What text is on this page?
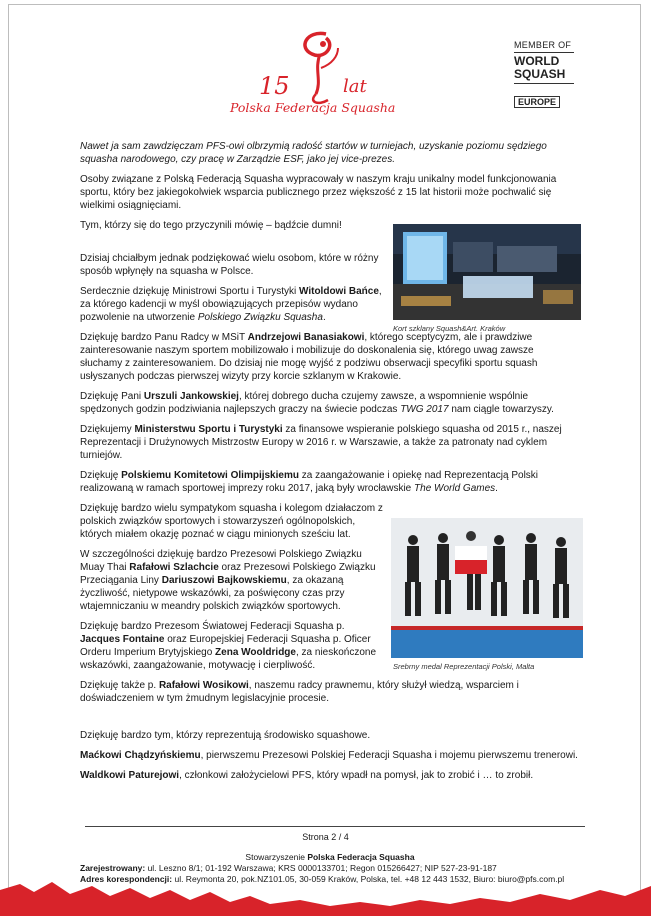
15	lat
Polska Federacja Squasha
MEMBER OF
WORLD
SQUASH
EUROPE
Kort szklany Squash&Art. Kraków
Srebrny medal Reprezentacji Polski, Malta

Nawet ja sam zawdzięczam PFS-owi olbrzymią radość startów w turniejach, uzyskanie poziomu sędziego squasha narodowego, czy pracę w Zarządzie ESF, jako jej vice-prezes.

Osoby związane z Polską Federacją Squasha wypracowały w naszym kraju unikalny model funkcjonowania sportu, który bez jakiegokolwiek wsparcia publicznego przez większość z 15 lat historii może pochwalić się wielkimi osiągnięciami.

Tym, którzy się do tego przyczynili mówię – bądźcie dumni!

Dzisiaj chciałbym jednak podziękować wielu osobom, które w różny sposób wpłynęły na squasha w Polsce.

Serdecznie dziękuję Ministrowi Sportu i Turystyki Witoldowi Bańce, za którego kadencji w myśl obowiązujących przepisów wydano pozwolenie na utworzenie Polskiego Związku Squasha.

Dziękuję bardzo Panu Radcy w MSiT Andrzejowi Banasiakowi, którego sceptycyzm, ale i prawdziwe zainteresowanie naszym sportem mobilizowało i mobilizuje do doskonalenia się, którego uwag zawsze słuchamy z zainteresowaniem. Do dzisiaj nie mogę wyjść z podziwu obserwacji specyfiki sportu squash usłyszanych podczas pierwszej wizyty przy korcie szklanym w Krakowie.

Dziękuję Pani Urszuli Jankowskiej, której dobrego ducha czujemy zawsze, a wspomnienie wspólnie spędzonych godzin podziwiania najlepszych graczy na świecie podczas TWG 2017 nam ciągle towarzyszy.

Dziękujemy Ministerstwu Sportu i Turystyki za finansowe wspieranie polskiego squasha od 2015 r., naszej Reprezentacji i Drużynowych Mistrzostw Europy w 2016 r. w Warszawie, a także za patronaty nad cyklem turniejów.

Dziękuję Polskiemu Komitetowi Olimpijskiemu za zaangażowanie i opiekę nad Reprezentacją Polski realizowaną w ramach sportowej imprezy roku 2017, jaką były wrocławskie The World Games.

Dziękuję bardzo wielu sympatykom squasha i kolegom działaczom z polskich związków sportowych i stowarzyszeń ogólnopolskich, których miałem okazję poznać w ciągu minionych sześciu lat.

W szczególności dziękuję bardzo Prezesowi Polskiego Związku Muay Thai Rafałowi Szlachcie oraz Prezesowi Polskiego Związku Przeciągania Liny Dariuszowi Bajkowskiemu, za okazaną życzliwość, nietypowe wskazówki, za poświęcony czas przy wtajemniczaniu w meandry polskich związków sportowych.

Dziękuję bardzo Prezesom Światowej Federacji Squasha p. Jacques Fontaine oraz Europejskiej Federacji Squasha p. Oficer Orderu Imperium Brytyjskiego Zena Wooldridge, za nieskończone wskazówki, zaangażowanie, motywację i cierpliwość.

Dziękuję także p. Rafałowi Wosikowi, naszemu radcy prawnemu, który służył wiedzą, wsparciem i doświadczeniem w tym żmudnym legislacyjnie procesie.

Dziękuję bardzo tym, którzy reprezentują środowisko squashowe.

Maćkowi Chądzyńskiemu, pierwszemu Prezesowi Polskiej Federacji Squasha i mojemu pierwszemu trenerowi.

Waldkowi Paturejowi, członkowi założycielowi PFS, który wpadł na pomysł, jak to zrobić i … to zrobił.

Strona 2 / 4
Stowarzyszenie Polska Federacja Squasha
Zarejestrowany: ul. Leszno 8/1; 01-192 Warszawa; KRS 0000133701; Regon 015266427; NIP 527-23-91-187
Adres korespondencji: ul. Reymonta 20, pok.NZ101.05, 30-059 Kraków, Polska, tel. +48 12 443 1532, Biuro: biuro@pfs.com.pl
